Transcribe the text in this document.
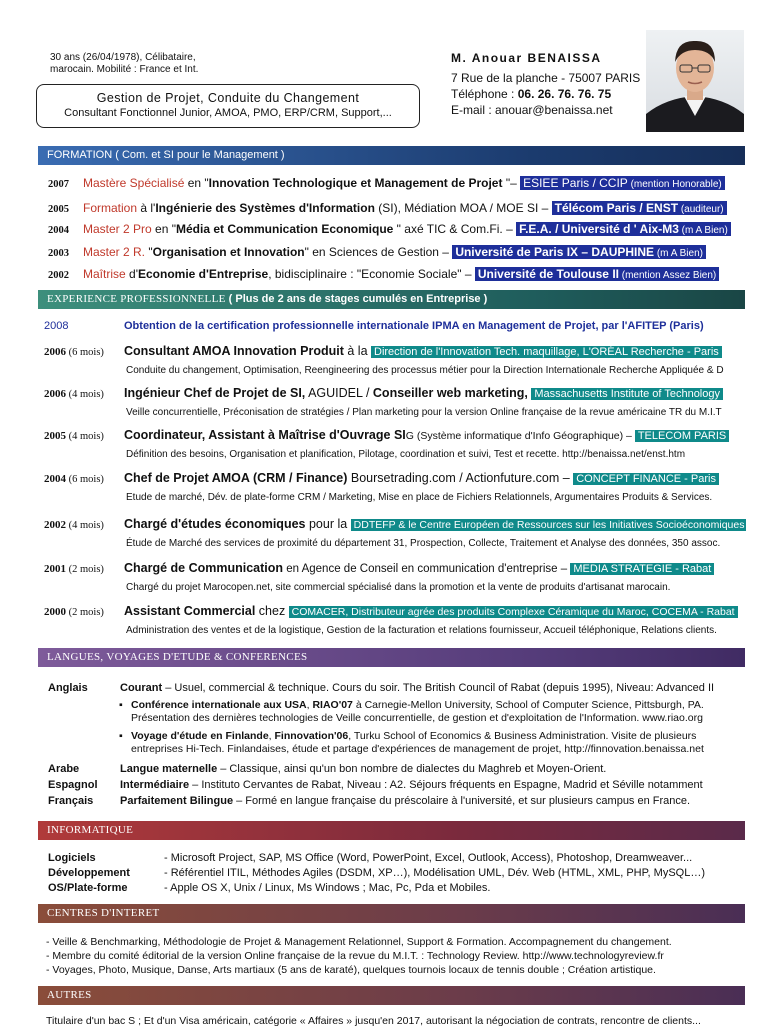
30 ans (26/04/1978), Célibataire,
marocain. Mobilité : France et Int.
Gestion de Projet, Conduite du Changement
Consultant Fonctionnel Junior, AMOA, PMO, ERP/CRM, Support,...
M. Anouar BENAISSA
7 Rue de la planche - 75007 PARIS
Téléphone : 06. 26. 76. 76. 75
E-mail : anouar@benaissa.net
FORMATION ( Com. et SI pour le Management )
2007 Mastère Spécialisé en "Innovation Technologique et Management de Projet "– ESIEE Paris / CCIP (mention Honorable)
2005 Formation à l'Ingénierie des Systèmes d'Information (SI), Médiation MOA / MOE SI – Télécom Paris / ENST (auditeur)
2004 Master 2 Pro en "Média et Communication Economique " axé TIC & Com.Fi. – F.E.A. / Université d ' Aix-M3 (m A Bien)
2003 Master 2 R. "Organisation et Innovation" en Sciences de Gestion – Université de Paris IX – DAUPHINE (m A Bien)
2002 Maîtrise d'Economie d'Entreprise, bidisciplinaire : "Economie Sociale" – Université de Toulouse II (mention Assez Bien)
EXPERIENCE PROFESSIONNELLE ( Plus de 2 ans de stages cumulés en Entreprise )
2008	Obtention de la certification professionnelle internationale IPMA en Management de Projet, par l'AFITEP (Paris)
2006 (6 mois) Consultant AMOA Innovation Produit à la Direction de l'Innovation Tech. maquillage, L'ORÉAL Recherche - Paris
Conduite du changement, Optimisation, Reengineering des processus métier pour la Direction Internationale Recherche Appliquée & D
2006 (4 mois) Ingénieur Chef de Projet de SI, AGUIDEL / Conseiller web marketing, Massachusetts Institute of Technology
Veille concurrentielle, Préconisation de stratégies / Plan marketing pour la version Online française de la revue américaine TR du M.I.T
2005 (4 mois) Coordinateur, Assistant à Maîtrise d'Ouvrage SIG (Système informatique d'Info Géographique) – TELECOM PARIS
Définition des besoins, Organisation et planification, Pilotage, coordination et suivi, Test et recette. http://benaissa.net/enst.htm
2004 (6 mois) Chef de Projet AMOA (CRM / Finance) Boursetrading.com / Actionfuture.com – CONCEPT FINANCE - Paris
Etude de marché, Dév. de plate-forme CRM / Marketing, Mise en place de Fichiers Relationnels, Argumentaires Produits & Services.
2002 (4 mois) Chargé d'études économiques pour la DDTEFP & le Centre Européen de Ressources sur les Initiatives Socioéconomiques
Étude de Marché des services de proximité du département 31, Prospection, Collecte, Traitement et Analyse des données, 350 assoc.
2001 (2 mois) Chargé de Communication en Agence de Conseil en communication d'entreprise – MEDIA STRATEGIE - Rabat
Chargé du projet Marocopen.net, site commercial spécialisé dans la promotion et la vente de produits d'artisanat marocain.
2000 (2 mois) Assistant Commercial chez COMACER, Distributeur agrée des produits Complexe Céramique du Maroc, COCEMA - Rabat
Administration des ventes et de la logistique, Gestion de la facturation et relations fournisseur, Accueil téléphonique, Relations clients.
LANGUES, VOYAGES D'ETUDE & CONFERENCES
Anglais	Courant – Usuel, commercial & technique. Cours du soir. The British Council of Rabat (depuis 1995), Niveau: Advanced II
▪ Conférence internationale aux USA, RIAO'07 à Carnegie-Mellon University, School of Computer Science, Pittsburgh, PA.
Présentation des dernières technologies de Veille concurrentielle, de gestion et d'exploitation de l'Information. www.riao.org
▪ Voyage d'étude en Finlande, Finnovation'06, Turku School of Economics & Business Administration. Visite de plusieurs
entreprises Hi-Tech. Finlandaises, étude et partage d'expériences de management de projet, http://finnovation.benaissa.net
Arabe	Langue maternelle – Classique, ainsi qu'un bon nombre de dialectes du Maghreb et Moyen-Orient.
Espagnol Intermédiaire – Instituto Cervantes de Rabat, Niveau : A2. Séjours fréquents en Espagne, Madrid et Séville notamment
Français Parfaitement Bilingue – Formé en langue française du préscolaire à l'université, et sur plusieurs campus en France.
INFORMATIQUE
Logiciels	- Microsoft Project, SAP, MS Office (Word, PowerPoint, Excel, Outlook, Access), Photoshop, Dreamweaver...
Développement	- Référentiel ITIL, Méthodes Agiles (DSDM, XP…), Modélisation UML, Dév. Web (HTML, XML, PHP, MySQL…)
OS/Plate-forme	- Apple OS X, Unix / Linux, Ms Windows ; Mac, Pc, Pda et Mobiles.
CENTRES D'INTERET
- Veille & Benchmarking, Méthodologie de Projet & Management Relationnel, Support & Formation. Accompagnement du changement.
- Membre du comité éditorial de la version Online française de la revue du M.I.T. : Technology Review. http://www.technologyreview.fr
- Voyages, Photo, Musique, Danse, Arts martiaux (5 ans de karaté), quelques tournois locaux de tennis double ; Création artistique.
AUTRES
Titulaire d'un bac S ; Et d'un Visa américain, catégorie « Affaires » jusqu'en 2017, autorisant la négociation de contrats, rencontre de clients...
